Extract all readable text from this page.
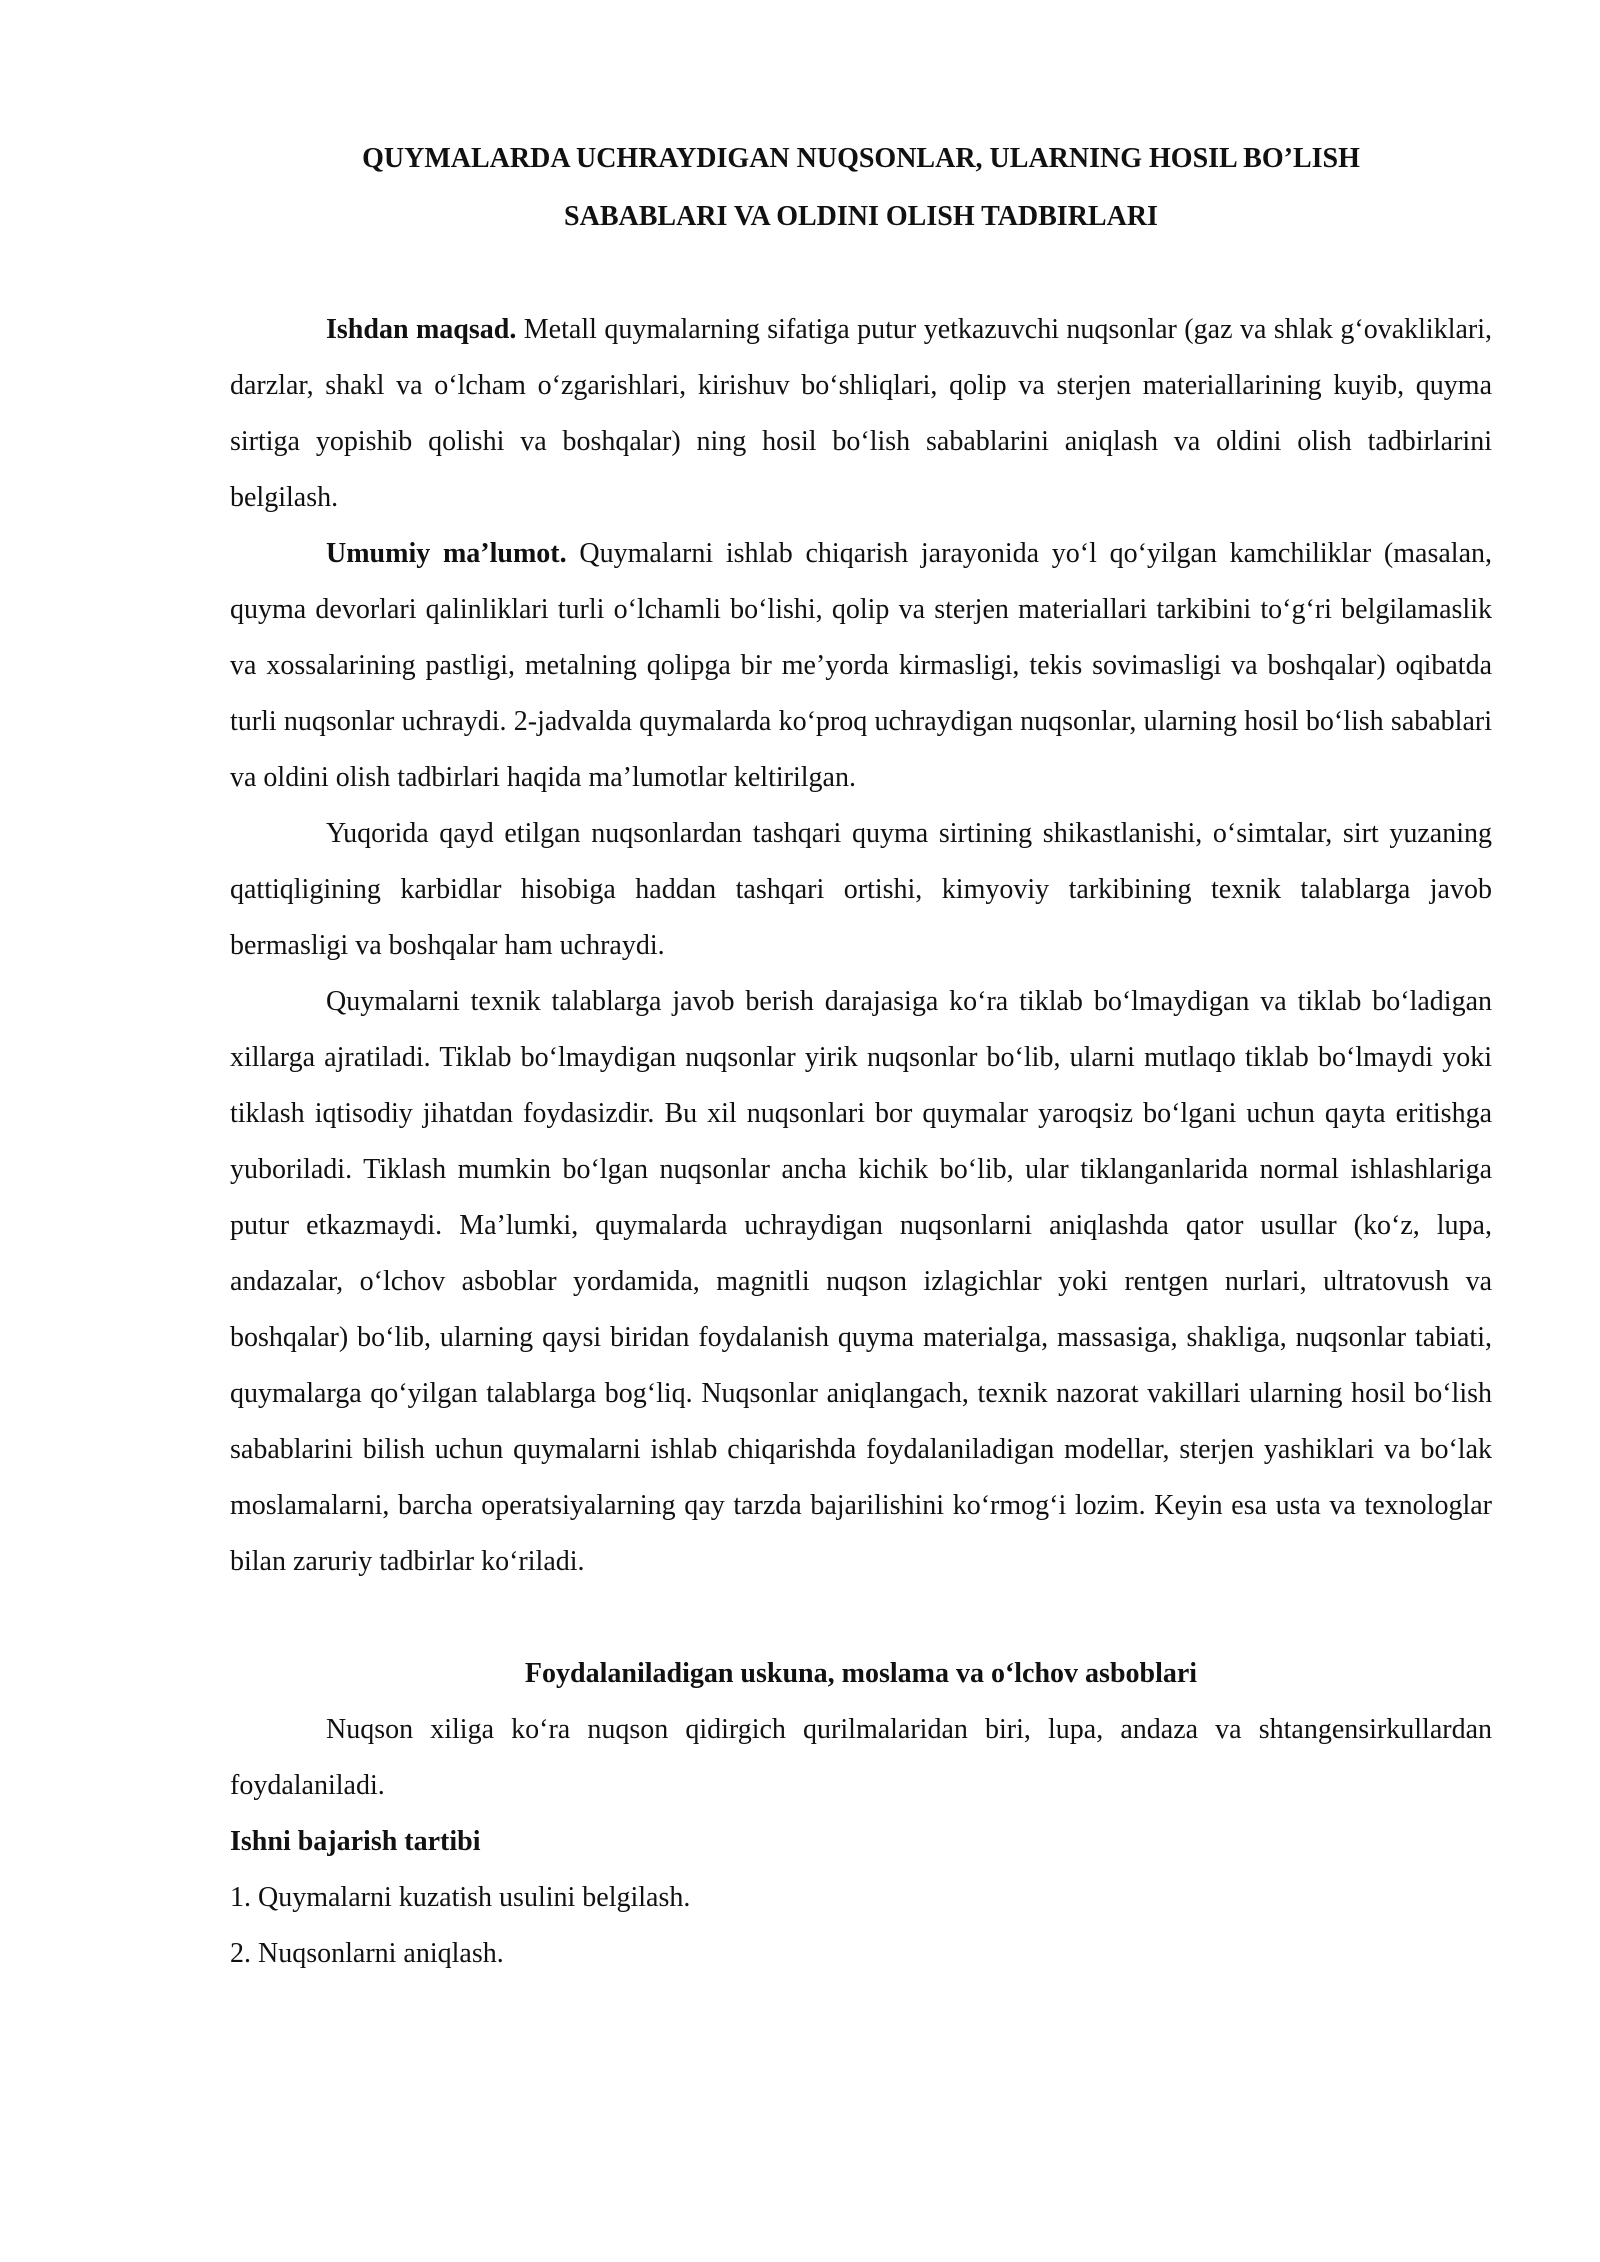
QUYMALARDA UCHRAYDIGAN NUQSONLAR, ULARNING HOSIL BO’LISH

SABABLARI VA OLDINI OLISH TADBIRLARI

Ishdan maqsad. Metall quymalarning sifatiga putur yetkazuvchi nuqsonlar (gaz va shlak g‘ovakliklari, darzlar, shakl va o‘lcham o‘zgarishlari, kirishuv bo‘shliqlari, qolip va sterjen materiallarining kuyib, quyma sirtiga yopishib qolishi va boshqalar) ning hosil bo‘lish sabablarini aniqlash va oldini olish tadbirlarini belgilash.

Umumiy ma’lumot. Quymalarni ishlab chiqarish jarayonida yo‘l qo‘yilgan kamchiliklar (masalan, quyma devorlari qalinliklari turli o‘lchamli bo‘lishi, qolip va sterjen materiallari tarkibini to‘g‘ri belgilamaslik va xossalarining pastligi, metalning qolipga bir me’yorda kirmasligi, tekis sovimasligi va boshqalar) oqibatda turli nuqsonlar uchraydi. 2-jadvalda quymalarda ko‘proq uchraydigan nuqsonlar, ularning hosil bo‘lish sabablari va oldini olish tadbirlari haqida ma’lumotlar keltirilgan.

Yuqorida qayd etilgan nuqsonlardan tashqari quyma sirtining shikastlanishi, o‘simtalar, sirt yuzaning qattiqligining karbidlar hisobiga haddan tashqari ortishi, kimyoviy tarkibining texnik talablarga javob bermasligi va boshqalar ham uchraydi.

Quymalarni texnik talablarga javob berish darajasiga ko‘ra tiklab bo‘lmaydigan va tiklab bo‘ladigan xillarga ajratiladi. Tiklab bo‘lmaydigan nuqsonlar yirik nuqsonlar bo‘lib, ularni mutlaqo tiklab bo‘lmaydi yoki tiklash iqtisodiy jihatdan foydasizdir. Bu xil nuqsonlari bor quymalar yaroqsiz bo‘lgani uchun qayta eritishga yuboriladi. Tiklash mumkin bo‘lgan nuqsonlar ancha kichik bo‘lib, ular tiklanganlarida normal ishlashlariga putur etkazmaydi. Ma’lumki, quymalarda uchraydigan nuqsonlarni aniqlashda qator usullar (ko‘z, lupa, andazalar, o‘lchov asboblar yordamida, magnitli nuqson izlagichlar yoki rentgen nurlari, ultratovush va boshqalar) bo‘lib, ularning qaysi biridan foydalanish quyma materialga, massasiga, shakliga, nuqsonlar tabiati, quymalarga qo‘yilgan talablarga bog‘liq. Nuqsonlar aniqlangach, texnik nazorat vakillari ularning hosil bo‘lish sabablarini bilish uchun quymalarni ishlab chiqarishda foydalaniladigan modellar, sterjen yashiklari va bo‘lak moslamalarni, barcha operatsiyalarning qay tarzda bajarilishini ko‘rmog‘i lozim. Keyin esa usta va texnologlar bilan zaruriy tadbirlar ko‘riladi.

Foydalaniladigan uskuna, moslama va o‘lchov asboblari

Nuqson xiliga ko‘ra nuqson qidirgich qurilmalaridan biri, lupa, andaza va shtangensirkullardan foydalaniladi.

Ishni bajarish tartibi

1. Quymalarni kuzatish usulini belgilash.

2. Nuqsonlarni aniqlash.
